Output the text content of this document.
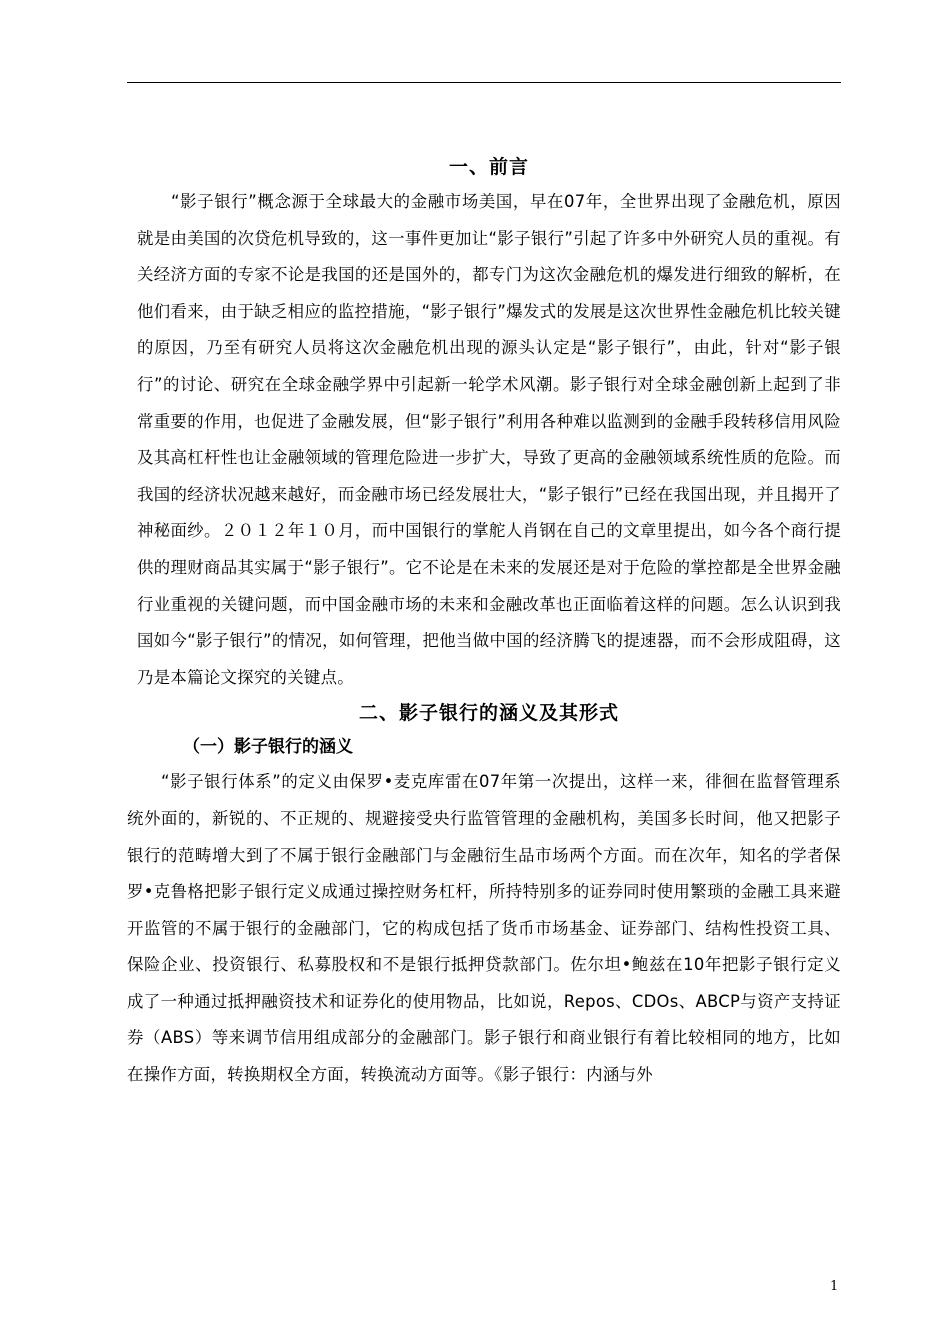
一、前言

“影子银行”概念源于全球最大的金融市场美国，早在07年，全世界出现了金融危机，原因就是由美国的次贷危机导致的，这一事件更加让“影子银行”引起了许多中外研究人员的重视。有关经济方面的专家不论是我国的还是国外的，都专门为这次金融危机的爆发进行细致的解析，在他们看来，由于缺乏相应的监控措施，“影子银行”爆发式的发展是这次世界性金融危机比较关键的原因，乃至有研究人员将这次金融危机出现的源头认定是“影子银行”，由此，针对“影子银行”的讨论、研究在全球金融学界中引起新一轮学术风潮。影子银行对全球金融创新上起到了非常重要的作用，也促进了金融发展，但“影子银行”利用各种难以监测到的金融手段转移信用风险及其高杠杆性也让金融领域的管理危险进一步扩大，导致了更高的金融领域系统性质的危险。而我国的经济状况越来越好，而金融市场已经发展壮大，“影子银行”已经在我国出现，并且揭开了神秘面纱。２０１２年１０月，而中国银行的掌舵人肖钢在自己的文章里提出，如今各个商行提供的理财商品其实属于“影子银行”。它不论是在未来的发展还是对于危险的掌控都是全世界金融行业重视的关键问题，而中国金融市场的未来和金融改革也正面临着这样的问题。怎么认识到我国如今“影子银行”的情况，如何管理，把他当做中国的经济腾飞的提速器，而不会形成阻碍，这乃是本篇论文探究的关键点。

二、影子银行的涵义及其形式
（一）影子银行的涵义

“影子银行体系”的定义由保罗•麦克库雷在07年第一次提出，这样一来，徘徊在监督管理系统外面的，新锐的、不正规的、规避接受央行监管管理的金融机构，美国多长时间，他又把影子银行的范畴增大到了不属于银行金融部门与金融衍生品市场两个方面。而在次年，知名的学者保罗•克鲁格把影子银行定义成通过操控财务杠杆，所持特别多的证券同时使用繁琐的金融工具来避开监管的不属于银行的金融部门，它的构成包括了货币市场基金、证券部门、结构性投资工具、保险企业、投资银行、私募股权和不是银行抵押贷款部门。佐尔坦•鲍兹在10年把影子银行定义成了一种通过抵押融资技术和证券化的使用物品，比如说，Repos、CDOs、ABCP与资产支持证券（ABS）等来调节信用组成部分的金融部门。影子银行和商业银行有着比较相同的地方，比如在操作方面，转换期权全方面，转换流动方面等。《影子银行：内涵与外

1
